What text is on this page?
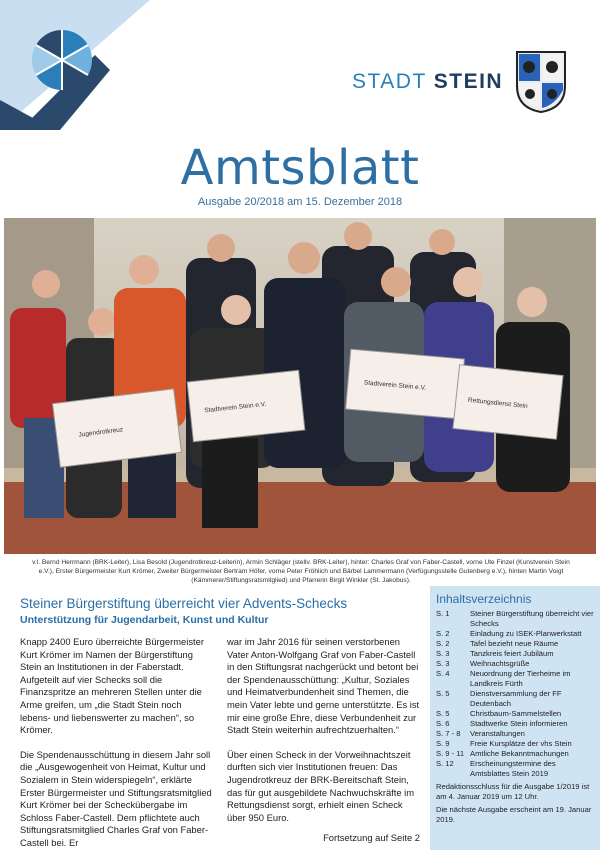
STADT STEIN
Amtsblatt
Ausgabe 20/2018 am 15. Dezember 2018
Jugendrotkreuz
Stadtverein Stein e.V.
Stadtverein Stein e.V.
Rettungsdienst Stein
v.l. Bernd Herrmann (BRK-Leiter), Lisa Besold (Jugendrotkreuz-Leiterin), Armin Schläger (stellv. BRK-Leiter), hinter: Charles Graf von Faber-Castell, vorne Ute Finzel (Kunstverein Stein e.V.), Erster Bürgermeister Kurt Krömer, Zweiter Bürgermeister Bertram Höfer, vorne Peter Fröhlich und Bärbel Lammermann (Verfügungsstelle Gutenberg e.V.), hinten Martin Voigt (Kämmerer/Stiftungsratsmitglied) und Pfarrerin Birgit Winkler (St. Jakobus).
Steiner Bürgerstiftung überreicht vier Advents-Schecks
Unterstützung für Jugendarbeit, Kunst und Kultur

Knapp 2400 Euro überreichte Bürgermeister Kurt Krömer im Namen der Bürgerstiftung Stein an Institutionen in der Faberstadt. Aufgeteilt auf vier Schecks soll die Finanzspritze an mehreren Stellen unter die Arme greifen, um „die Stadt Stein noch lebens- und liebenswerter zu machen“, so Krömer.

Die Spendenausschüttung in diesem Jahr soll die „Ausgewogenheit von Heimat, Kultur und Sozialem in Stein widerspiegeln“, erklärte Erster Bürgermeister und Stiftungsratsmitglied Kurt Krömer bei der Scheckübergabe im Schloss Faber-Castell. Dem pflichtete auch Stiftungsratsmitglied Charles Graf von Faber-Castell bei. Er

war im Jahr 2016 für seinen verstorbenen Vater Anton-Wolfgang Graf von Faber-Castell in den Stiftungsrat nachgerückt und betont bei der Spendenausschüttung: „Kultur, Soziales und Heimatverbundenheit sind Themen, die mein Vater lebte und gerne unterstützte. Es ist mir eine große Ehre, diese Verbundenheit zur Stadt Stein weiterhin aufrechtzuerhalten.“

Über einen Scheck in der Vorweihnachtszeit durften sich vier Institutionen freuen: Das Jugendrotkreuz der BRK-Bereitschaft Stein, das für gut ausgebildete Nachwuchskräfte im Rettungsdienst sorgt, erhielt einen Scheck über 950 Euro.

Fortsetzung auf Seite 2
Inhaltsverzeichnis
S. 1	Steiner Bürgerstiftung überreicht vier Schecks
S. 2	Einladung zu ISEK-Planwerkstatt
S. 2	Tafel bezieht neue Räume
S. 3	Tanzkreis feiert Jubiläum
S. 3	Weihnachtsgrüße
S. 4	Neuordnung der Tierheime im Landkreis Fürth
S. 5	Dienstversammlung der FF Deutenbach
S. 5	Christbaum-Sammelstellen
S. 6	Stadtwerke Stein informieren
S. 7 - 8	Veranstaltungen
S. 9	Freie Kursplätze der vhs Stein
S. 9 - 11 Amtliche Bekanntmachungen
S. 12	Erscheinungstermine des Amtsblattes Stein 2019
Redaktionsschluss für die Ausgabe 1/2019 ist am 4. Januar 2019 um 12 Uhr.
Die nächste Ausgabe erscheint am 19. Januar 2019.
